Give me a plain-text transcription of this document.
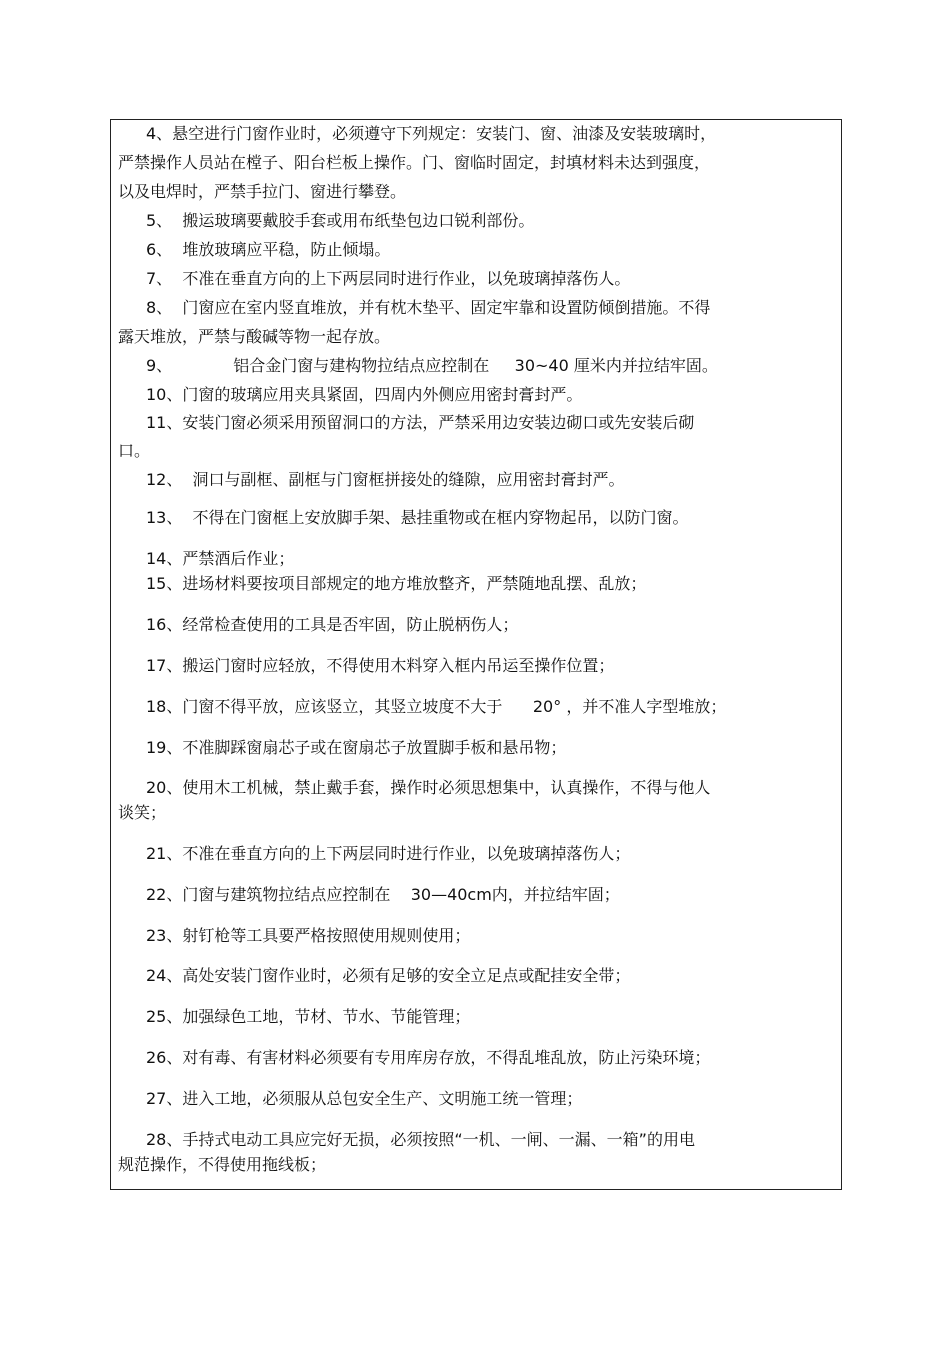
4、悬空进行门窗作业时，必须遵守下列规定：安装门、窗、油漆及安装玻璃时，
严禁操作人员站在樘子、阳台栏板上操作。门、窗临时固定，封填材料未达到强度，
以及电焊时，严禁手拉门、窗进行攀登。
5、  搬运玻璃要戴胶手套或用布纸垫包边口锐利部份。
6、  堆放玻璃应平稳，防止倾塌。
7、  不准在垂直方向的上下两层同时进行作业，以免玻璃掉落伤人。
8、  门窗应在室内竖直堆放，并有枕木垫平、固定牢靠和设置防倾倒措施。不得
露天堆放，严禁与酸碱等物一起存放。
9、            铝合金门窗与建构物拉结点应控制在     30~40 厘米内并拉结牢固。
10、门窗的玻璃应用夹具紧固，四周内外侧应用密封膏封严。
11、安装门窗必须采用预留洞口的方法，严禁采用边安装边砌口或先安装后砌
口。
12、  洞口与副框、副框与门窗框拼接处的缝隙，应用密封膏封严。
13、  不得在门窗框上安放脚手架、悬挂重物或在框内穿物起吊，以防门窗。
14、严禁酒后作业；
15、进场材料要按项目部规定的地方堆放整齐，严禁随地乱摆、乱放；
16、经常检查使用的工具是否牢固，防止脱柄伤人；
17、搬运门窗时应轻放，不得使用木料穿入框内吊运至操作位置；
18、门窗不得平放，应该竖立，其竖立坡度不大于      20° ，并不准人字型堆放；
19、不准脚踩窗扇芯子或在窗扇芯子放置脚手板和悬吊物；
20、使用木工机械，禁止戴手套，操作时必须思想集中，认真操作，不得与他人
谈笑；
21、不准在垂直方向的上下两层同时进行作业，以免玻璃掉落伤人；
22、门窗与建筑物拉结点应控制在    30—40cm内，并拉结牢固；
23、射钉枪等工具要严格按照使用规则使用；
24、高处安装门窗作业时，必须有足够的安全立足点或配挂安全带；
25、加强绿色工地，节材、节水、节能管理；
26、对有毒、有害材料必须要有专用库房存放，不得乱堆乱放，防止污染环境；
27、进入工地，必须服从总包安全生产、文明施工统一管理；
28、手持式电动工具应完好无损，必须按照“一机、一闸、一漏、一箱”的用电
规范操作，不得使用拖线板；
